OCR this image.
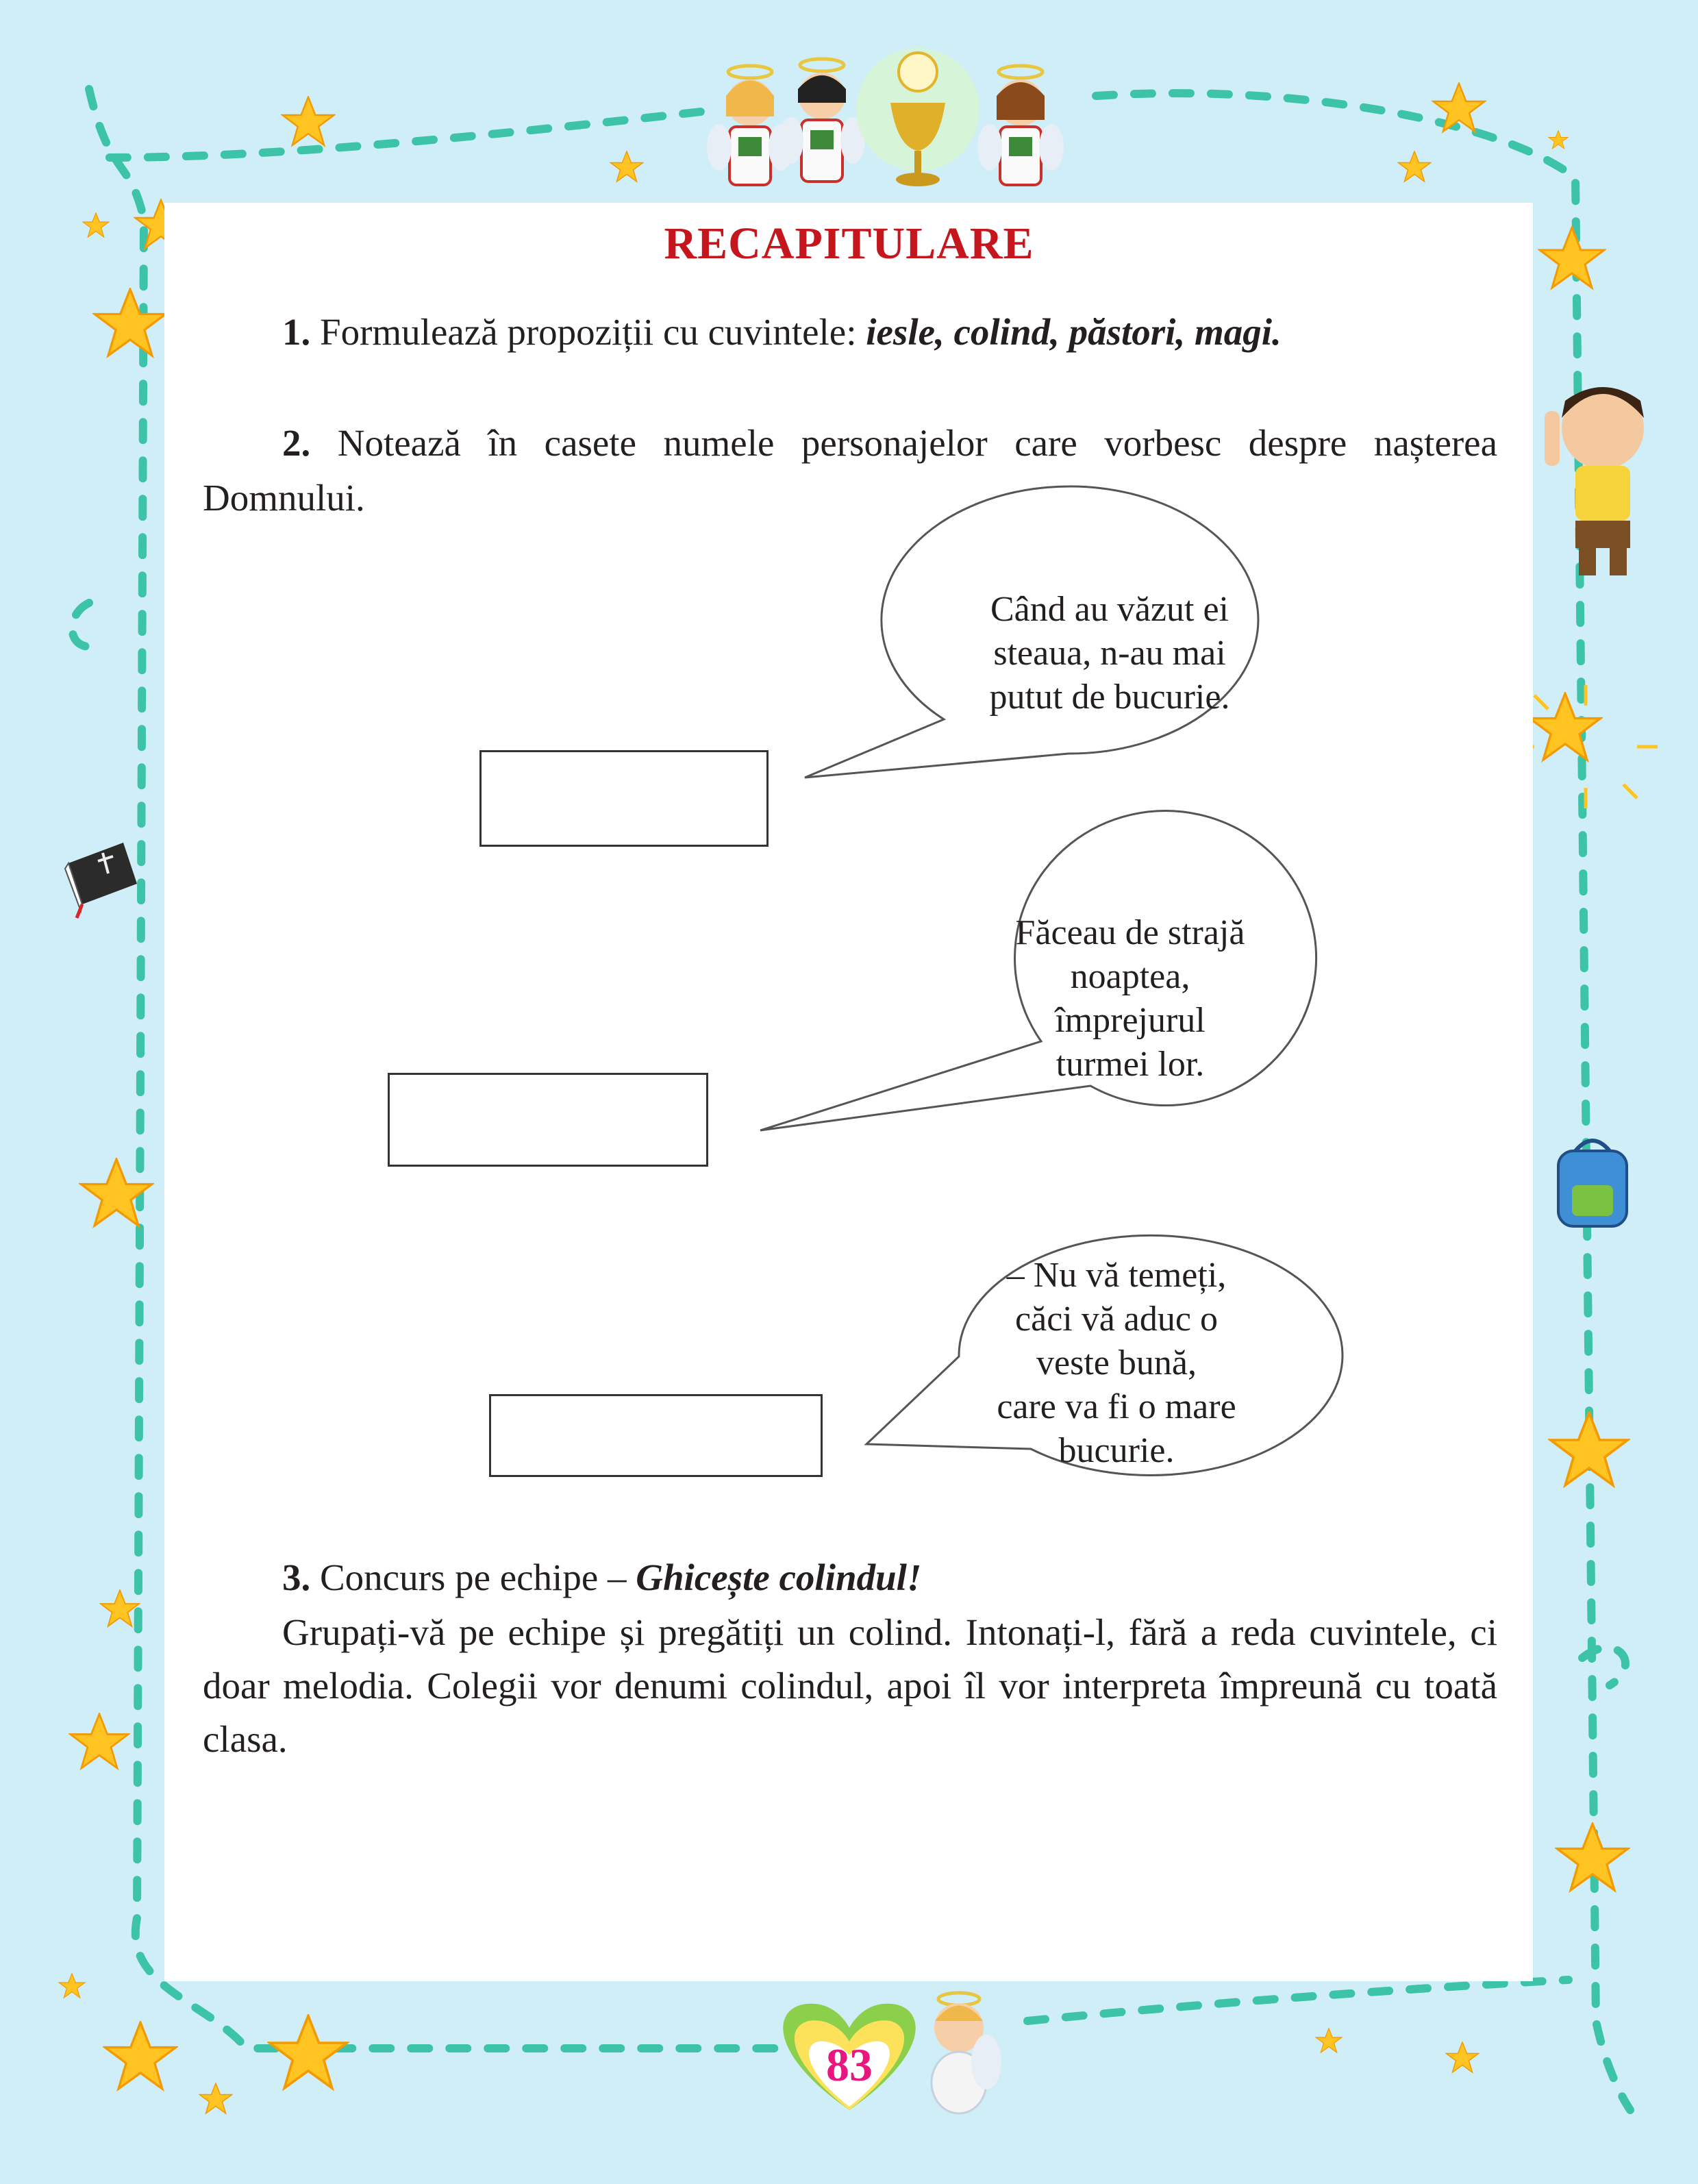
RECAPITULARE
1. Formulează propoziții cu cuvintele: iesle, colind, păstori, magi.
2. Notează în casete numele personajelor care vorbesc despre nașterea
Domnului.
Când au văzut ei
steaua, n-au mai
putut de bucurie.
Făceau de strajă
noaptea,
împrejurul
turmei lor.
– Nu vă temeți,
căci vă aduc o
veste bună,
care va fi o mare
bucurie.
3. Concurs pe echipe – Ghicește colindul!
Grupați-vă pe echipe și pregătiți un colind. Intonați-l, fără a reda cuvintele, ci doar melodia. Colegii vor denumi colindul, apoi îl vor interpreta împreună cu toată clasa.
83
